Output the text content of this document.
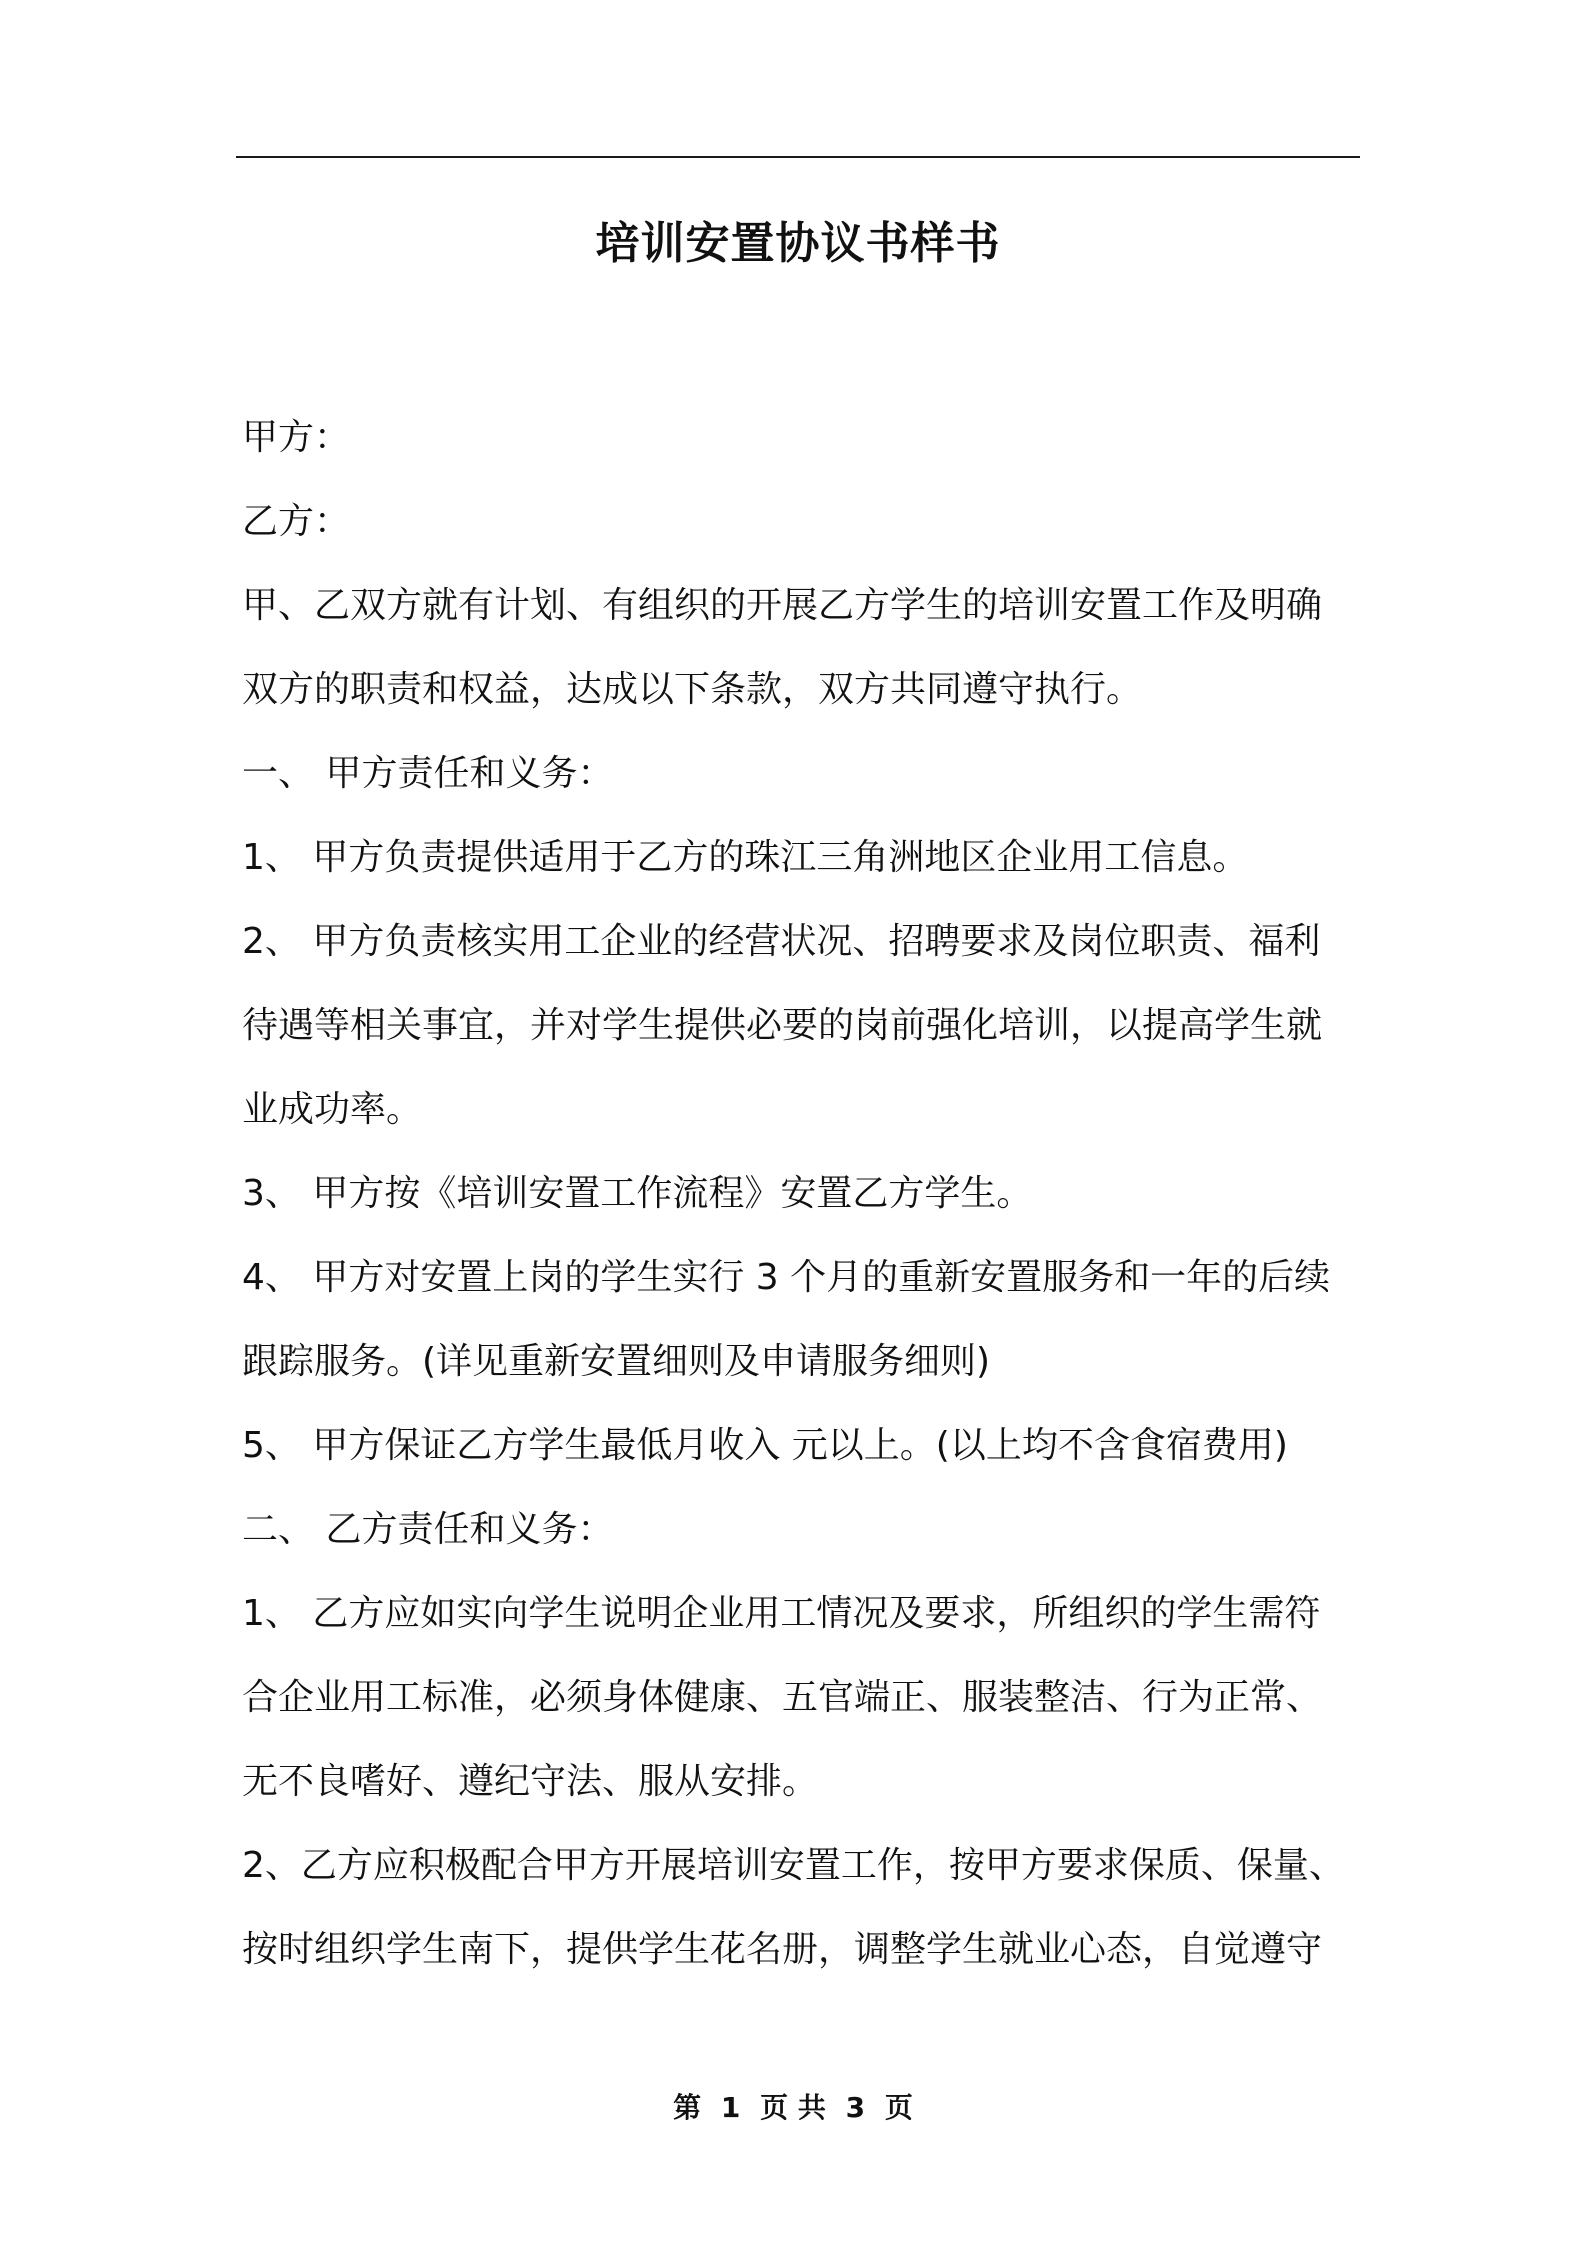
培训安置协议书样书

甲方：

乙方：

甲、乙双方就有计划、有组织的开展乙方学生的培训安置工作及明确
双方的职责和权益，达成以下条款，双方共同遵守执行。

一、 甲方责任和义务：

1、 甲方负责提供适用于乙方的珠江三角洲地区企业用工信息。

2、 甲方负责核实用工企业的经营状况、招聘要求及岗位职责、福利
待遇等相关事宜，并对学生提供必要的岗前强化培训，以提高学生就
业成功率。

3、 甲方按《培训安置工作流程》安置乙方学生。

4、 甲方对安置上岗的学生实行 3 个月的重新安置服务和一年的后续
跟踪服务。(详见重新安置细则及申请服务细则)

5、 甲方保证乙方学生最低月收入 元以上。(以上均不含食宿费用)

二、 乙方责任和义务：

1、 乙方应如实向学生说明企业用工情况及要求，所组织的学生需符
合企业用工标准，必须身体健康、五官端正、服装整洁、行为正常、
无不良嗜好、遵纪守法、服从安排。

2、乙方应积极配合甲方开展培训安置工作，按甲方要求保质、保量、
按时组织学生南下，提供学生花名册，调整学生就业心态，自觉遵守

第 1 页 共 3 页
